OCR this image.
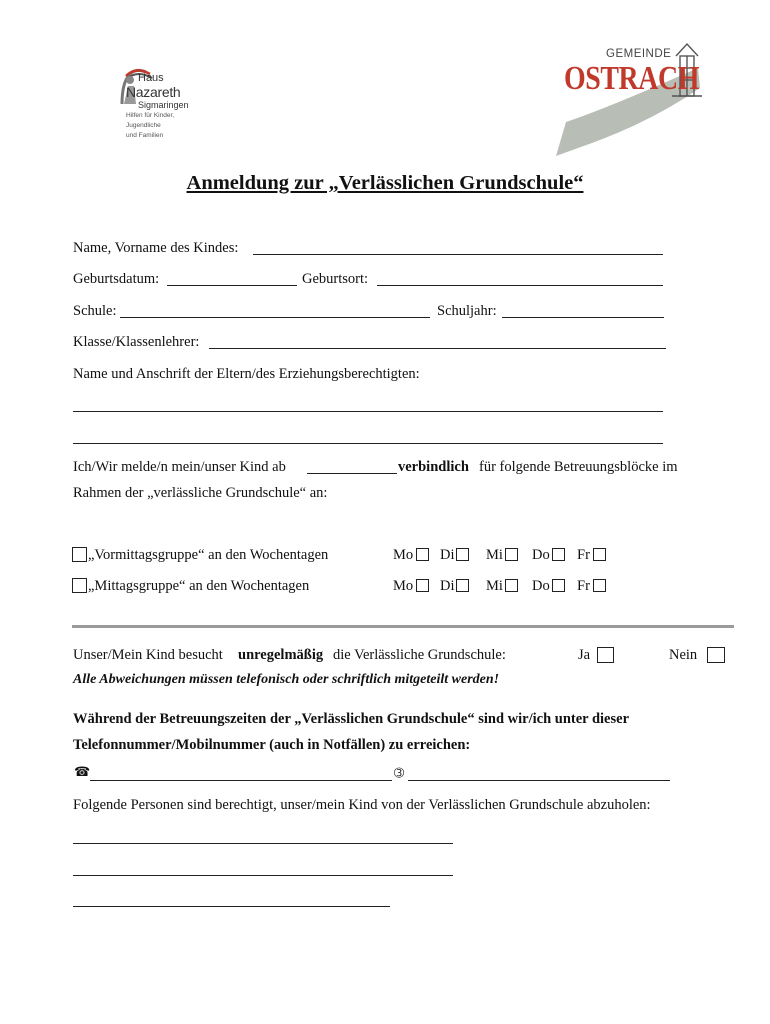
Haus
Nazareth
Sigmaringen
Hilfen für Kinder,
Jugendliche
und Familien
GEMEINDE
OSTRACH
Anmeldung zur „Verlässlichen Grundschule“
Name, Vorname des Kindes:
Geburtsdatum:	Geburtsort:
Schule:	Schuljahr:
Klasse/Klassenlehrer:
Name und Anschrift der Eltern/des Erziehungsberechtigten:
Ich/Wir melde/n mein/unser Kind ab	verbindlich für folgende Betreuungsblöcke im
Rahmen der „verlässliche Grundschule“ an:
„Vormittagsgruppe“ an den Wochentagen	Mo Di Mi Do Fr
„Mittagsgruppe“ an den Wochentagen	Mo Di Mi Do Fr
Unser/Mein Kind besucht unregelmäßig die Verlässliche Grundschule:	Ja	Nein
Alle Abweichungen müssen telefonisch oder schriftlich mitgeteilt werden!
Während der Betreuungszeiten der „Verlässlichen Grundschule“ sind wir/ich unter dieser
Telefonnummer/Mobilnummer (auch in Notfällen) zu erreichen:
☎	➂
Folgende Personen sind berechtigt, unser/mein Kind von der Verlässlichen Grundschule abzuholen:
